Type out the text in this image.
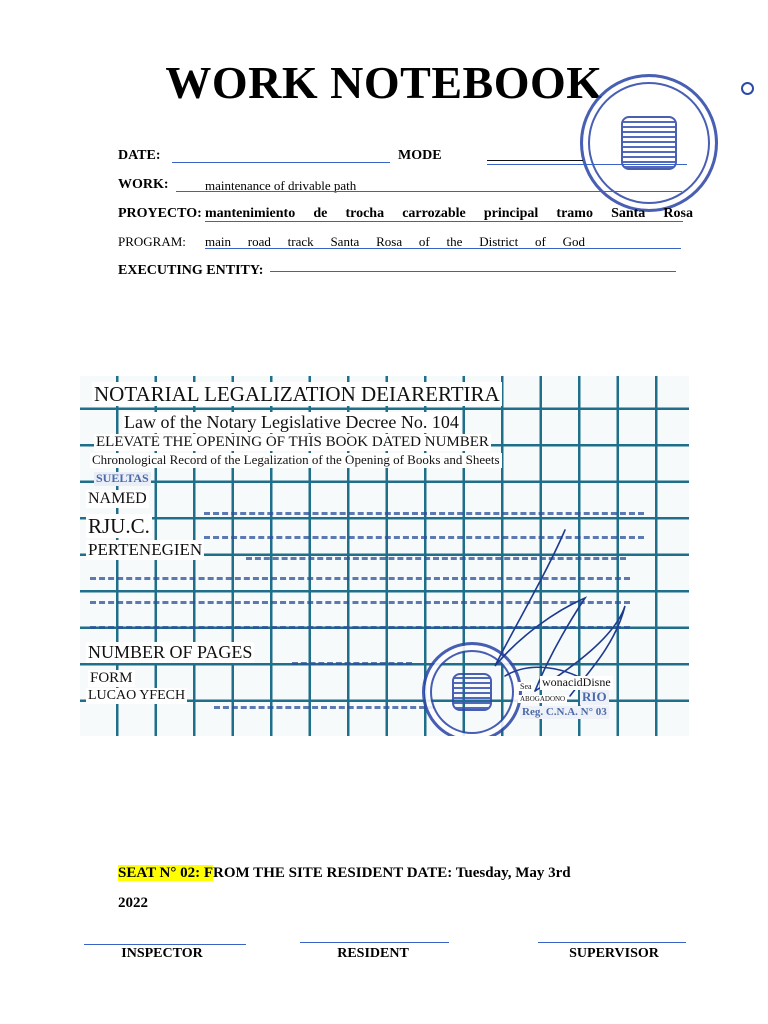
WORK NOTEBOOK
DATE:	MODE
WORK:	maintenance of drivable path
PROYECTO: mantenimiento de trocha carrozable principal tramo Santa Rosa
PROGRAM: main road track Santa Rosa of the District of God
EXECUTING ENTITY:
NOTARIAL LEGALIZATION DEIARERTIRA
Law of the Notary Legislative Decree No. 104
ELEVATE THE OPENING OF THIS BOOK DATED NUMBER
Chronological Record of the Legalization of the Opening of Books and Sheets
SUELTAS
NAMED
RJU.C.
PERTENEGIEN
NUMBER OF PAGES
FORM
LUCAO YFECH
Sea wonacidDisne
ABOGADONO RIO
Reg. C.N.A. N° 03
SEAT N° 02: FROM THE SITE RESIDENT DATE: Tuesday, May 3rd
2022
INSPECTOR	RESIDENT	SUPERVISOR
